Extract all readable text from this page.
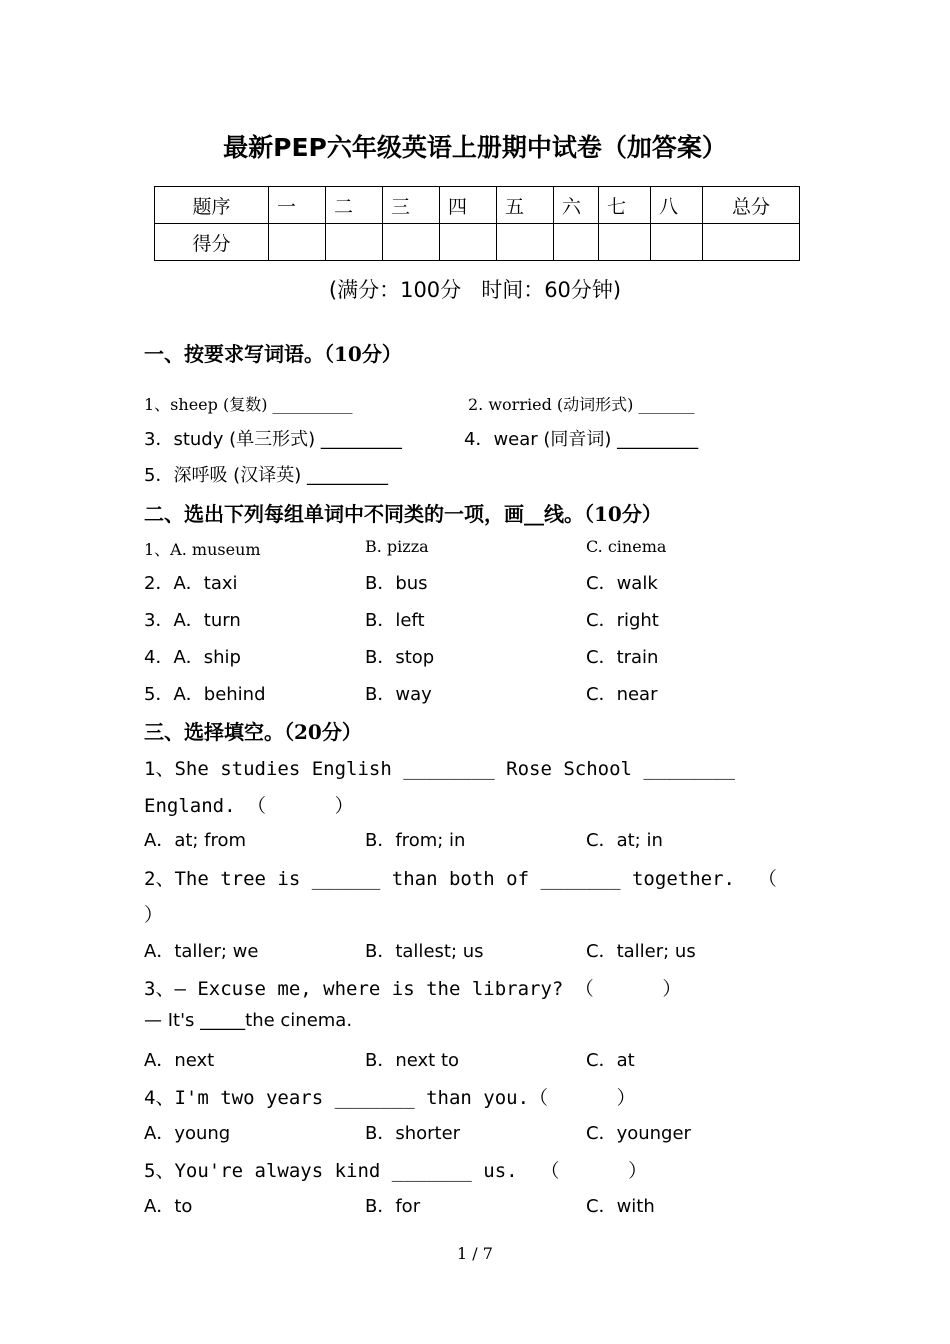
最新PEP六年级英语上册期中试卷（加答案）
题序	一	二	三	四	五	六	七	八	总分
得分									
(满分：100分   时间：60分钟)
一、按要求写词语。（10分）
1、sheep (复数) __________	2. worried (动词形式) _______
3．study (单三形式) _________	4．wear (同音词) _________
5．深呼吸 (汉译英) _________
二、选出下列每组单词中不同类的一项，画__线。（10分）
1、A. museum	B. pizza	C. cinema
2．A．taxi	B．bus	C．walk
3．A．turn	B．left	C．right
4．A．ship	B．stop	C．train
5．A．behind	B．way	C．near
三、选择填空。（20分）
1、She studies English ________ Rose School ________
England. （      ）
A．at; from	B．from; in	C．at; in
2、The tree is ______ than both of _______ together.  （
）
A．taller; we	B．tallest; us	C．taller; us
3、— Excuse me, where is the library? （      ）
— It's _____the cinema.
A．next	B．next to	C．at
4、I'm two years _______ than you.（      ）
A．young	B．shorter	C．younger
5、You're always kind _______ us.  （      ）
A．to	B．for	C．with
1 / 7
